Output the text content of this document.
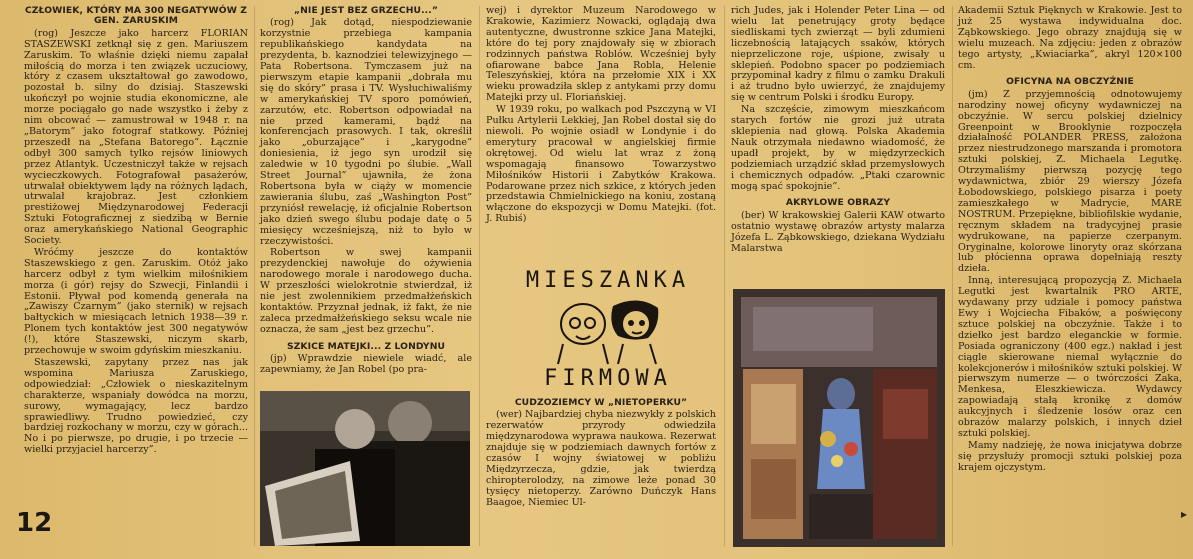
CZŁOWIEK, KTÓRY MA 300 NEGATYWÓW Z GEN. ZARUSKIM

(rog) Jeszcze jako harcerz FLORIAN STASZEWSKI zetknął się z gen. Mariuszem Zaruskim. To właśnie dzięki niemu zapałał miłością do morza i ten związek uczuciowy, który z czasem ukształtował go zawodowo, pozostał b. silny do dzisiaj. Staszewski ukończył po wojnie studia ekonomiczne, ale morze pociągało go nade wszystko i żeby z nim obcować — zamustrował w 1948 r. na „Batorym” jako fotograf statkowy. Później przeszedł na „Stefana Batorego”. Łącznie odbył 300 samych tylko rejsów liniowych przez Atlantyk. Uczestniczył także w rejsach wycieczkowych. Fotografował pasażerów, utrwalał obiektywem lądy na różnych lądach, utrwalał krajobraz. Jest członkiem prestiżowej Międzynarodowej Federacji Sztuki Fotograficznej z siedzibą w Bernie oraz amerykańskiego National Geographic Society.

Wróćmy jeszcze do kontaktów Staszewskiego z gen. Zaruskim. Otóż jako harcerz odbył z tym wielkim miłośnikiem morza (i gór) rejsy do Szwecji, Finlandii i Estonii. Pływał pod komendą generała na „Zawiszy Czarnym” (jako sternik) w rejsach bałtyckich w miesiącach letnich 1938—39 r. Plonem tych kontaktów jest 300 negatywów (!), które Staszewski, niczym skarb, przechowuje w swoim gdyńskim mieszkaniu.

Staszewski, zapytany przez nas jak wspomina Mariusza Zaruskiego, odpowiedział: „Człowiek o nieskazitelnym charakterze, wspaniały dowódca na morzu, surowy, wymagający, lecz bardzo sprawiedliwy. Trudno powiedzieć, czy bardziej rozkochany w morzu, czy w górach... No i po pierwsze, po drugie, i po trzecie — wielki przyjaciel harcerzy”.

12
„NIE JEST BEZ GRZECHU...”

(rog) Jak dotąd, niespodziewanie korzystnie przebiega kampania republikańskiego kandydata na prezydenta, b. kaznodziei telewizyjnego — Pata Robertsona. Tymczasem już na pierwszym etapie kampanii „dobrała mu się do skóry” prasa i TV. Wysłuchiwaliśmy w amerykańskiej TV sporo pomówień, zarzutów, etc. Robertson odpowiadał na nie przed kamerami, bądź na konferencjach prasowych. I tak, określił jako „oburzające” i „karygodne” doniesienia, iż jego syn urodził się zaledwie w 10 tygodni po ślubie. „Wall Street Journal” ujawniła, że żona Robertsona była w ciąży w momencie zawierania ślubu, zaś „Washington Post” przyniósł rewelację, iż oficjalnie Robertson jako dzień swego ślubu podaje datę o 5 miesięcy wcześniejszą, niż to było w rzeczywistości.

Robertson w swej kampanii prezydenckiej nawołuje do ożywienia narodowego morale i narodowego ducha. W przeszłości wielokrotnie stwierdzał, iż nie jest zwolennikiem przedmałżeńskich kontaktów. Przyznał jednak, iż fakt, że nie zaleca przedmałżeńskiego seksu wcale nie oznacza, że sam „jest bez grzechu”.

SZKICE MATEJKI... Z LONDYNU

(jp) Wprawdzie niewiele wiadć, ale zapewniamy, że Jan Robel (po pra-

wej) i dyrektor Muzeum Narodowego w Krakowie, Kazimierz Nowacki, oglądają dwa autentyczne, dwustronne szkice Jana Matejki, które do tej pory znajdowały się w zbiorach rodzinnych państwa Roblów. Wcześniej były ofiarowane babce Jana Robla, Helenie Teleszyńskiej, która na przełomie XIX i XX wieku prowadziła sklep z antykami przy domu Matejki przy ul. Floriańskiej.

W 1939 roku, po walkach pod Pszczyną w VI Pułku Artylerii Lekkiej, Jan Robel dostał się do niewoli. Po wojnie osiadł w Londynie i do emerytury pracował w angielskiej firmie okrętowej. Od wielu lat wraz z żoną wspomagają finansowo Towarzystwo Miłośników Historii i Zabytków Krakowa. Podarowane przez nich szkice, z których jeden przedstawia Chmielnickiego na koniu, zostaną włączone do ekspozycji w Domu Matejki. (fot. J. Rubiś)

MIESZANKA
FIRMOWA
CUDZOZIEMCY W „NIETOPERKU”

(wer) Najbardziej chyba niezwykły z polskich rezerwatów przyrody odwiedziła międzynarodowa wyprawa naukowa. Rezerwat znajduje się w podziemiach dawnych fortów z czasów I wojny światowej w pobliżu Międzyrzecza, gdzie, jak twierdzą chiropterolodzy, na zimowe leże ponad 30 tysięcy nietoperzy. Zarówno Duńczyk Hans Baagoe, Niemiec Ul-

rich Judes, jak i Holender Peter Lina — od wielu lat penetrujący groty będące siedliskami tych zwierząt — byli zdumieni liczebnością latających ssaków, których nieprzeliczone roje, uśpione, zwisały u sklepień. Podobno spacer po podziemiach przypominał kadry z filmu o zamku Drakuli i aż trudno było uwierzyć, że znajdujemy się w centrum Polski i środku Europy.

Na szczęście, zimowym mieszkańcom starych fortów nie grozi już utrata sklepienia nad głową. Polska Akademia Nauk otrzymała niedawno wiadomość, że upadł projekt, by w międzyrzeckich podziemiach urządzić skład przemysłowych i chemicznych odpadów. „Ptaki czarownic mogą spać spokojnie”.

AKRYLOWE OBRAZY

(ber) W krakowskiej Galerii KAW otwarto ostatnio wystawę obrazów artysty malarza Józefa L. Ząbkowskiego, dziekana Wydziału Malarstwa

Akademii Sztuk Pięknych w Krakowie. Jest to już 25 wystawa indywidualna doc. Ząbkowskiego. Jego obrazy znajdują się w wielu muzeach. Na zdjęciu: jeden z obrazów tego artysty, „Kwiaciarka”, akryl 120×100 cm.

OFICYNA NA OBCZYŹNIE

(jm) Z przyjemnością odnotowujemy narodziny nowej oficyny wydawniczej na obczyźnie. W sercu polskiej dzielnicy Greenpoint w Brooklynie rozpoczęła działalność POLANDER PRESS, założona przez niestrudzonego marszanda i promotora sztuki polskiej, Z. Michaela Legutkę. Otrzymaliśmy pierwszą pozycję tego wydawnictwa, zbiór 29 wierszy Józefa Łobodowskiego, polskiego pisarza i poety zamieszkałego w Madrycie, MARE NOSTRUM. Przepiękne, bibliofilskie wydanie, ręcznym składem na tradycyjnej prasie wydrukowane, na papierze czerpanym. Oryginalne, kolorowe linoryty oraz skórzana lub płócienna oprawa dopełniają reszty dzieła.

Inną, interesującą propozycją Z. Michaela Legutki jest kwartalnik PRO ARTE, wydawany przy udziale i pomocy państwa Ewy i Wojciecha Fibaków, a poświęcony sztuce polskiej na obczyźnie. Także i to dziełko jest bardzo eleganckie w formie. Posiada ograniczony (400 egz.) nakład i jest ciągle skierowane niemal wyłącznie do kolekcjonerów i miłośników sztuki polskiej. W pierwszym numerze — o twórczości Zaka, Menkesa, Eleszkiewicza. Wydawcy zapowiadają stałą kronikę z domów aukcyjnych i śledzenie losów oraz cen obrazów malarzy polskich, i innych dzieł sztuki polskiej.

Mamy nadzieję, że nowa inicjatywa dobrze się przysłuży promocji sztuki polskiej poza krajem ojczystym.

▸
